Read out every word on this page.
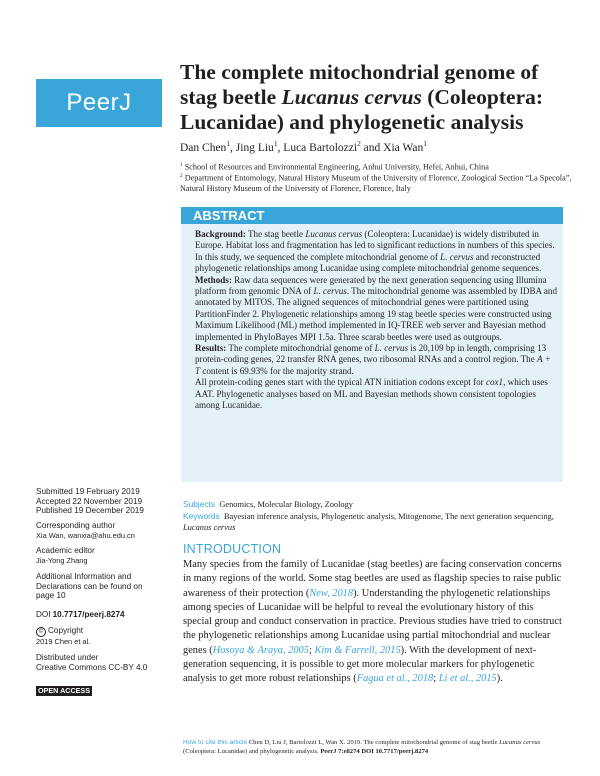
PeerJ
The complete mitochondrial genome of stag beetle Lucanus cervus (Coleoptera: Lucanidae) and phylogenetic analysis
Dan Chen$^1$, Jing Liu$^1$, Luca Bartolozzi$^2$ and Xia Wan$^1$
$^1$ School of Resources and Environmental Engineering, Anhui University, Hefei, Anhui, China
$^2$ Department of Entomology, Natural History Museum of the University of Florence, Zoological Section “La Specola”, Natural History Museum of the University of Florence, Florence, Italy
ABSTRACT

Background: The stag beetle Lucanus cervus (Coleoptera: Lucanidae) is widely distributed in Europe. Habitat loss and fragmentation has led to significant reductions in numbers of this species. In this study, we sequenced the complete mitochondrial genome of L. cervus and reconstructed phylogenetic relationships among Lucanidae using complete mitochondrial genome sequences.

Methods: Raw data sequences were generated by the next generation sequencing using Illumina platform from genomic DNA of L. cervus. The mitochondrial genome was assembled by IDBA and annotated by MITOS. The aligned sequences of mitochondrial genes were partitioned using PartitionFinder 2. Phylogenetic relationships among 19 stag beetle species were constructed using Maximum Likelihood (ML) method implemented in IQ-TREE web server and Bayesian method implemented in PhyloBayes MPI 1.5a. Three scarab beetles were used as outgroups.

Results: The complete mitochondrial genome of L. cervus is 20,109 bp in length, comprising 13 protein-coding genes, 22 transfer RNA genes, two ribosomal RNAs and a control region. The A + T content is 69.93% for the majority strand.

All protein-coding genes start with the typical ATN initiation codons except for cox1, which uses AAT. Phylogenetic analyses based on ML and Bayesian methods shown consistent topologies among Lucanidae.

Submitted 19 February 2019
Accepted 22 November 2019
Published 19 December 2019
Corresponding author
Xia Wan, wanxia@ahu.edu.cn
Academic editor
Jia-Yong Zhang
Additional Information and
Declarations can be found on
page 10
DOI 10.7717/peerj.8274
© Copyright
2019 Chen et al.
Distributed under
Creative Commons CC-BY 4.0
OPEN ACCESS
Subjects Genomics, Molecular Biology, Zoology
Keywords Bayesian inference analysis, Phylogenetic analysis, Mitogenome, The next generation sequencing, Lucanus cervus
INTRODUCTION

Many species from the family of Lucanidae (stag beetles) are facing conservation concerns in many regions of the world. Some stag beetles are used as flagship species to raise public awareness of their protection (New, 2018). Understanding the phylogenetic relationships among species of Lucanidae will be helpful to reveal the evolutionary history of this special group and conduct conservation in practice. Previous studies have tried to construct the phylogenetic relationships among Lucanidae using partial mitochondrial and nuclear genes (Hosoya & Araya, 2005; Kim & Farrell, 2015). With the development of next-generation sequencing, it is possible to get more molecular markers for phylogenetic analysis to get more robust relationships (Fagua et al., 2018; Li et al., 2015).

How to cite this article Chen D, Liu J, Bartolozzi L, Wan X. 2019. The complete mitochondrial genome of stag beetle Lucanus cervus (Coleoptera: Lucanidae) and phylogenetic analysis. PeerJ 7:e8274 DOI 10.7717/peerj.8274
